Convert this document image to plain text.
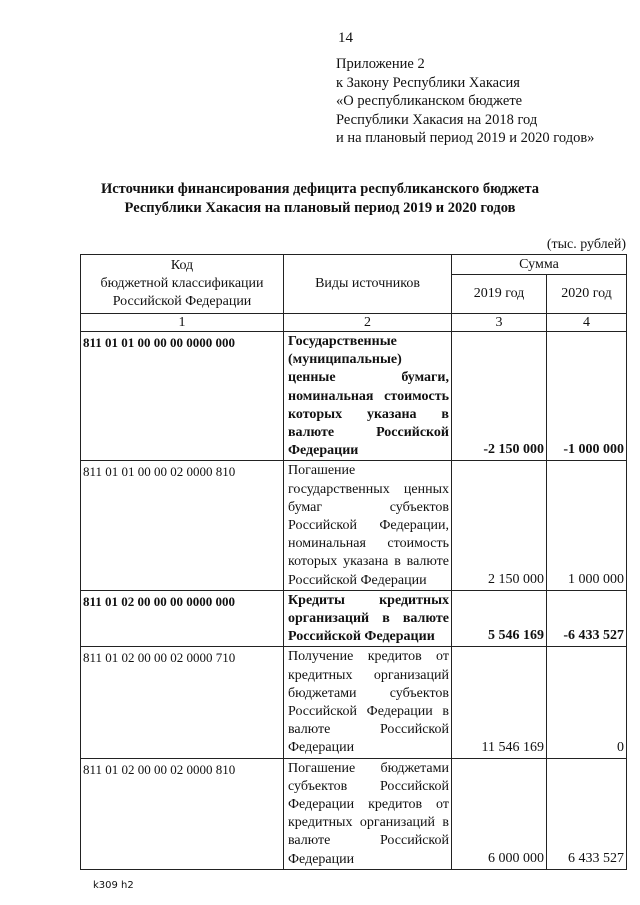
14
Приложение 2
к Закону Республики Хакасия
«О республиканском бюджете
Республики Хакасия на 2018 год
и на плановый период 2019 и 2020 годов»
Источники финансирования дефицита республиканского бюджета
Республики Хакасия на плановый период 2019 и 2020 годов
(тыс. рублей)
Код
бюджетной классификации
Российской Федерации	Виды источников	Сумма	
		2019 год	2020 год
1	2	3	4
811 01 01 00 00 00 0000 000	Государственные (муниципальные) ценные бумаги, номинальная стоимость которых указана в валюте Российской Федерации	-2 150 000	-1 000 000
811 01 01 00 00 02 0000 810	Погашение государственных ценных бумаг субъектов Российской Федерации, номинальная стоимость которых указана в валюте Российской Федерации	2 150 000	1 000 000
811 01 02 00 00 00 0000 000	Кредиты кредитных организаций в валюте Российской Федерации	5 546 169	-6 433 527
811 01 02 00 00 02 0000 710	Получение кредитов от кредитных организаций бюджетами субъектов Российской Федерации в валюте Российской Федерации	11 546 169	0
811 01 02 00 00 02 0000 810	Погашение бюджетами субъектов Российской Федерации кредитов от кредитных организаций в валюте Российской Федерации	6 000 000	6 433 527
k309 h2
